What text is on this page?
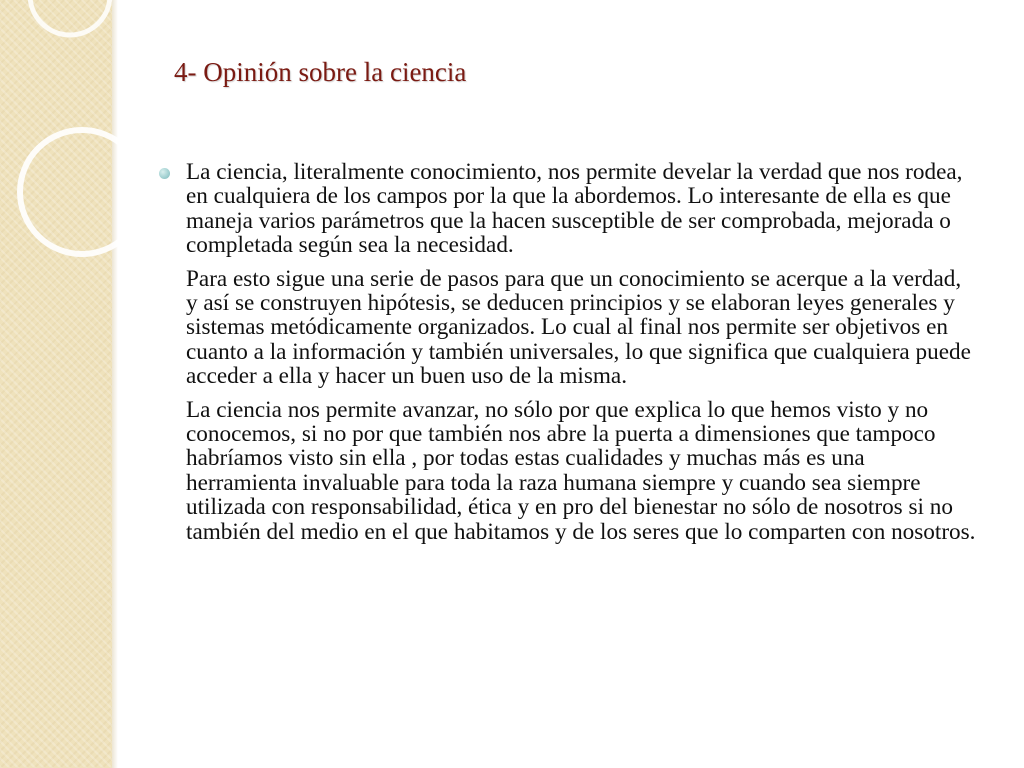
4- Opinión sobre la ciencia

La ciencia, literalmente conocimiento, nos permite develar la verdad que nos rodea, en cualquiera de los campos por la que la abordemos. Lo interesante de ella es que maneja varios parámetros que la hacen susceptible de ser comprobada, mejorada o completada según sea la necesidad.

Para esto sigue una serie de pasos para que un conocimiento se acerque a la verdad, y así se construyen hipótesis, se deducen principios y se elaboran leyes generales y sistemas metódicamente organizados. Lo cual al final nos permite ser objetivos en cuanto a la información y también universales, lo que significa que cualquiera puede acceder a ella y hacer un buen uso de la misma.

La ciencia nos permite avanzar, no sólo por que explica lo que hemos visto y no conocemos, si no por que también nos abre la puerta a dimensiones que tampoco habríamos visto sin ella , por todas estas cualidades y muchas más es una herramienta invaluable para toda la raza humana siempre y cuando sea siempre utilizada con responsabilidad, ética y en pro del bienestar no sólo de nosotros si no también del medio en el que habitamos y de los seres que lo comparten con nosotros.
